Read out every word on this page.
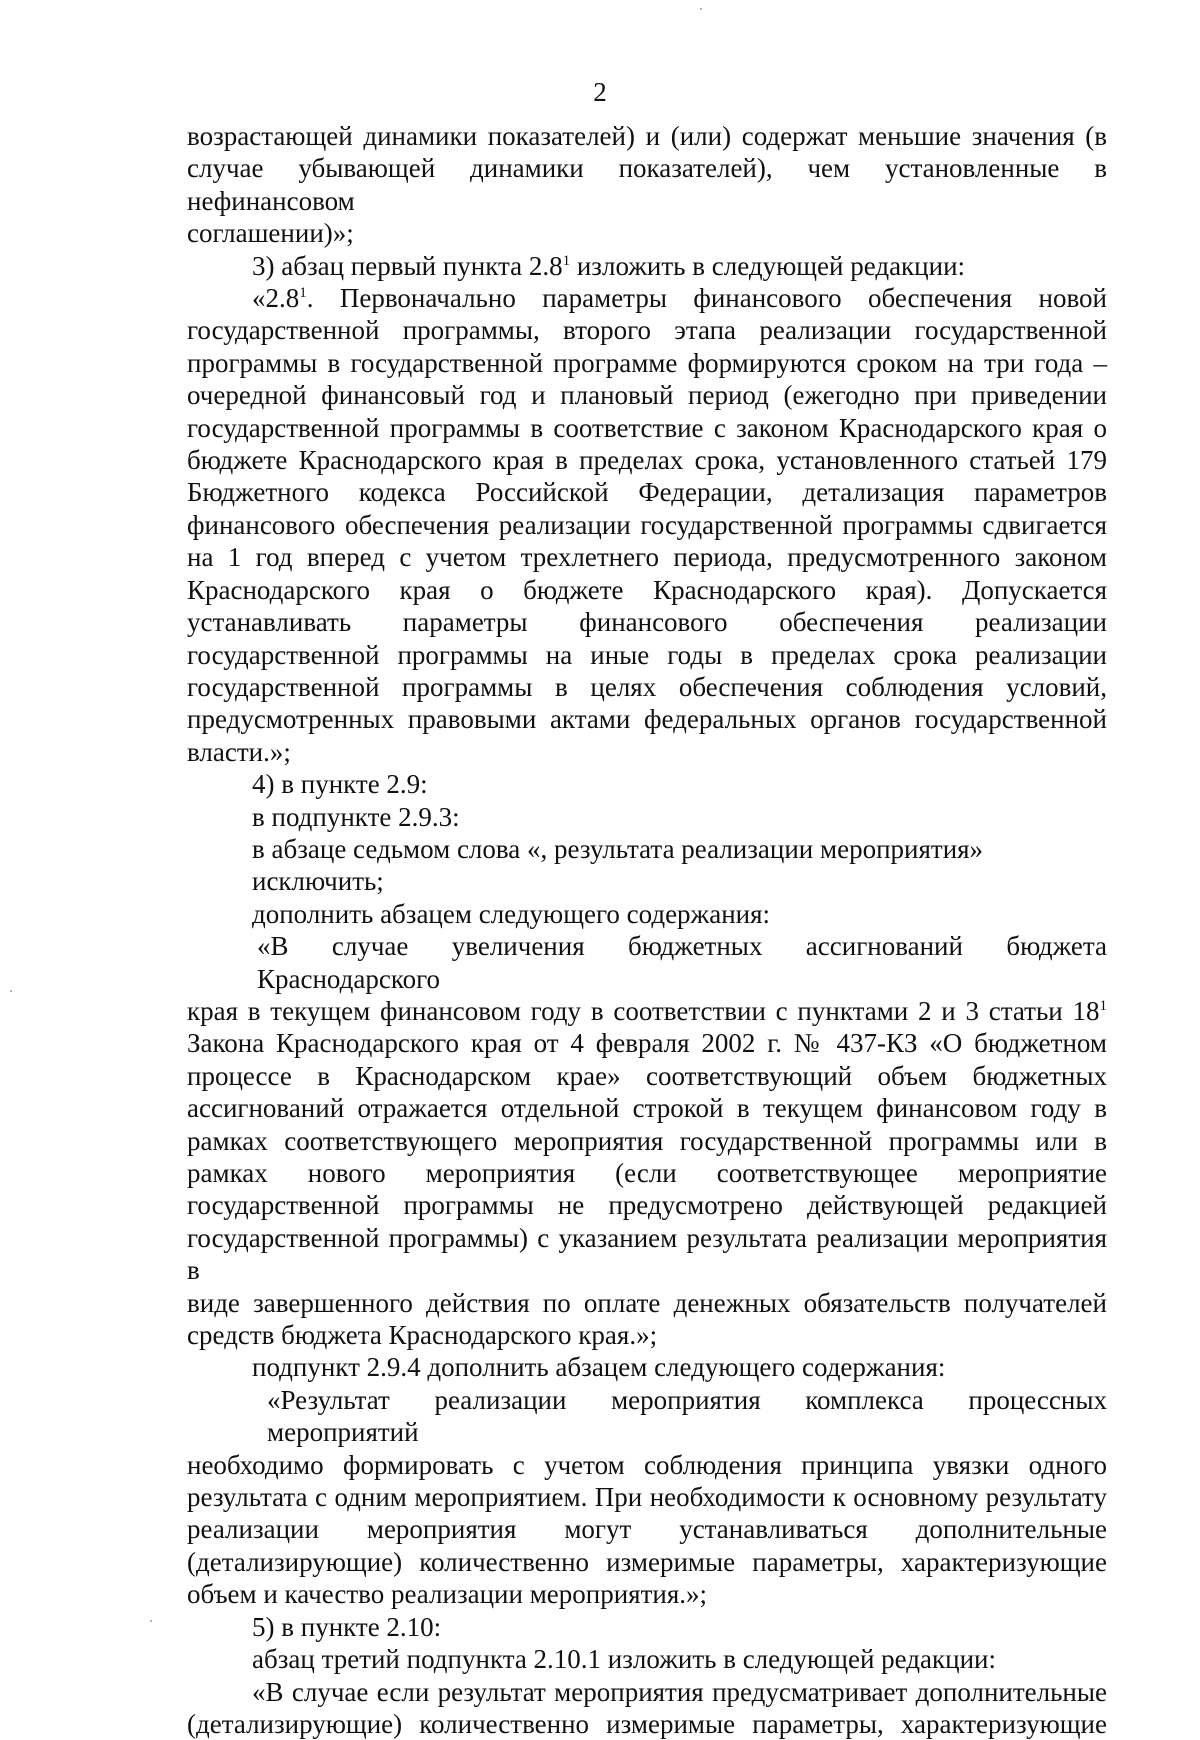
2

возрастающей динамики показателей) и (или) содержат меньшие значения (в

случае убывающей динамики показателей), чем установленные в нефинансовом

соглашении)»;

3) абзац первый пункта $2.8^1$ изложить в следующей редакции:

«$2.8^1$. Первоначально параметры финансового обеспечения новой

государственной программы, второго этапа реализации государственной

программы в государственной программе формируются сроком на три года –

очередной финансовый год и плановый период (ежегодно при приведении

государственной программы в соответствие с законом Краснодарского края о

бюджете Краснодарского края в пределах срока, установленного статьей 179

Бюджетного кодекса Российской Федерации, детализация параметров

финансового обеспечения реализации государственной программы сдвигается

на 1 год вперед с учетом трехлетнего периода, предусмотренного законом

Краснодарского края о бюджете Краснодарского края). Допускается

устанавливать параметры финансового обеспечения реализации

государственной программы на иные годы в пределах срока реализации

государственной программы в целях обеспечения соблюдения условий,

предусмотренных правовыми актами федеральных органов государственной

власти.»;

4) в пункте 2.9:

в подпункте 2.9.3:

в абзаце седьмом слова «, результата реализации мероприятия» исключить;

дополнить абзацем следующего содержания:

«В случае увеличения бюджетных ассигнований бюджета Краснодарского

края в текущем финансовом году в соответствии с пунктами 2 и 3 статьи $18^1$

Закона Краснодарского края от 4 февраля 2002 г. № 437-КЗ «О бюджетном

процессе в Краснодарском крае» соответствующий объем бюджетных

ассигнований отражается отдельной строкой в текущем финансовом году в

рамках соответствующего мероприятия государственной программы или в

рамках нового мероприятия (если соответствующее мероприятие

государственной программы не предусмотрено действующей редакцией

государственной программы) с указанием результата реализации мероприятия в

виде завершенного действия по оплате денежных обязательств получателей

средств бюджета Краснодарского края.»;

подпункт 2.9.4 дополнить абзацем следующего содержания:

«Результат реализации мероприятия комплекса процессных мероприятий

необходимо формировать с учетом соблюдения принципа увязки одного

результата с одним мероприятием. При необходимости к основному результату

реализации мероприятия могут устанавливаться дополнительные

(детализирующие) количественно измеримые параметры, характеризующие

объем и качество реализации мероприятия.»;

5) в пункте 2.10:

абзац третий подпункта 2.10.1 изложить в следующей редакции:

«В случае если результат мероприятия предусматривает дополнительные

(детализирующие) количественно измеримые параметры, характеризующие
